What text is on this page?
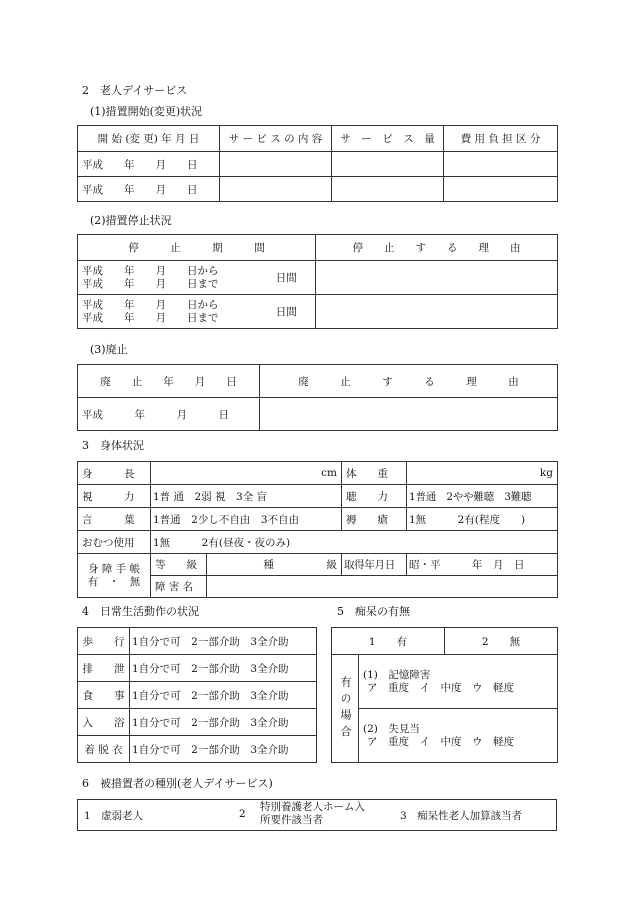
2　老人デイサービス
(1)措置開始(変更)状況
開 始 (変 更) 年 月 日	サ ー ビ ス の 内 容	サ　ー　ビ　ス　量	費 用 負 担 区 分
平成　　年　　月　　日			
平成　　年　　月　　日			
(2)措置停止状況
停　　　止　　　期　　　間		停　　止　　す　　る　　理　　由

平成　　年　　月　　日から
平成　　年　　月　　日まで	日間	

平成　　年　　月　　日から
平成　　年　　月　　日まで	日間	
(3)廃止
廃　　止　　年　　月　　日	廃　　　止　　　す　　　る　　　理　　　由
平成　　　年　　　月　　　日	
3　身体状況
身　　　長	cm		体　　重	kg
視　　　力	1普 通　2弱 視　3全 盲		聴　　力	1普通　2やや難聴　3難聴
言　　　葉	1普通　2少し不自由　3不自由		褥　　瘡	1無　　　2有(程度　　)
おむつ使用	1無　　　2有(昼夜・夜のみ)			

身 障 手 帳
有　・　無	等　　級	種　　　　　級	取得年月日	昭・平　　　年　月　日
	障 害 名			
4　日常生活動作の状況
歩　　行	1自分で可　2一部介助　3全介助
排　　泄	1自分で可　2一部介助　3全介助
食　　事	1自分で可　2一部介助　3全介助
入　　浴	1自分で可　2一部介助　3全介助
着 脱 衣	1自分で可　2一部介助　3全介助
5　痴呆の有無
1　　有		2　　無

有の場合	(1)　記憶障害
ア　重度　イ　中度　ウ　軽度	

	(2)　失見当
ア　重度　イ　中度　ウ　軽度	
6　被措置者の種別(老人デイサービス)
1　虚弱老人	2
特別養護老人ホーム入
所要件該当者	3　痴呆性老人加算該当者
